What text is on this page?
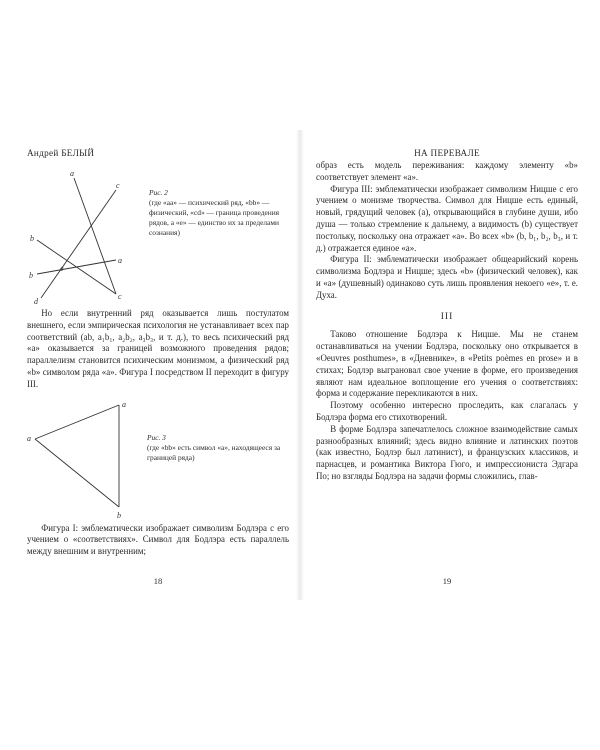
Андрей БЕЛЫЙ
a
c
b
d
e
b
a
c
Рис. 2
(где «aa» — психический ряд, «bb» — физический, «cd» — граница проведения рядов, а «e» — единство их за пределами сознания)

Но если внутренний ряд оказывается лишь постулатом внешнего, если эмпирическая психология не устанавливает всех пар соответствий (ab, a₁b₁, a₂b₂, a₃b₃, и т. д.), то весь психический ряд «a» оказывается за границей возможного проведения рядов; параллелизм становится психическим монизмом, а физический ряд «b» символом ряда «a». Фигура I посредством II переходит в фигуру III.

a
a
b
Рис. 3
(где «bb» есть символ «a», находящееся за границей ряда)

Фигура I: эмблематически изображает символизм Бодлэра с его учением о «соответствиях». Символ для Бодлэра есть параллель между внешним и внутренним;

18
НА ПЕРЕВАЛЕ

образ есть модель переживания: каждому элементу «b» соответствует элемент «a».

Фигура III: эмблематически изображает символизм Ницше с его учением о монизме творчества. Символ для Ницше есть единый, новый, грядущий человек (a), открывающийся в глубине души, ибо душа — только стремление к дальнему, а видимость (b) существует постольку, поскольку она отражает «a». Во всех «b» (b, b₁, b₂, b₃, и т. д.) отражается единое «a».

Фигура II: эмблематически изображает общеарийский корень символизма Бодлэра и Ницше; здесь «b» (физический человек), как и «a» (душевный) одинаково суть лишь проявления некоего «e», т. е. Духа.

III

Таково отношение Бодлэра к Ницше. Мы не станем останавливаться на учении Бодлэра, поскольку оно открывается в «Oeuvres posthumes», в «Дневнике», в «Petits poèmes en prose» и в стихах; Бодлэр выграновал свое учение в форме, его произведения являют нам идеальное воплощение его учения о соответствиях: форма и содержание перекликаются в них.

Поэтому особенно интересно проследить, как слагалась у Бодлэра форма его стихотворений.

В форме Бодлэра запечатлелось сложное взаимодействие самых разнообразных влияний; здесь видно влияние и латинских поэтов (как известно, Бодлэр был латинист), и французских классиков, и парнасцев, и романтика Виктора Гюго, и импрессиониста Эдгара По; но взгляды Бодлэра на задачи формы сложились, глав-

19
